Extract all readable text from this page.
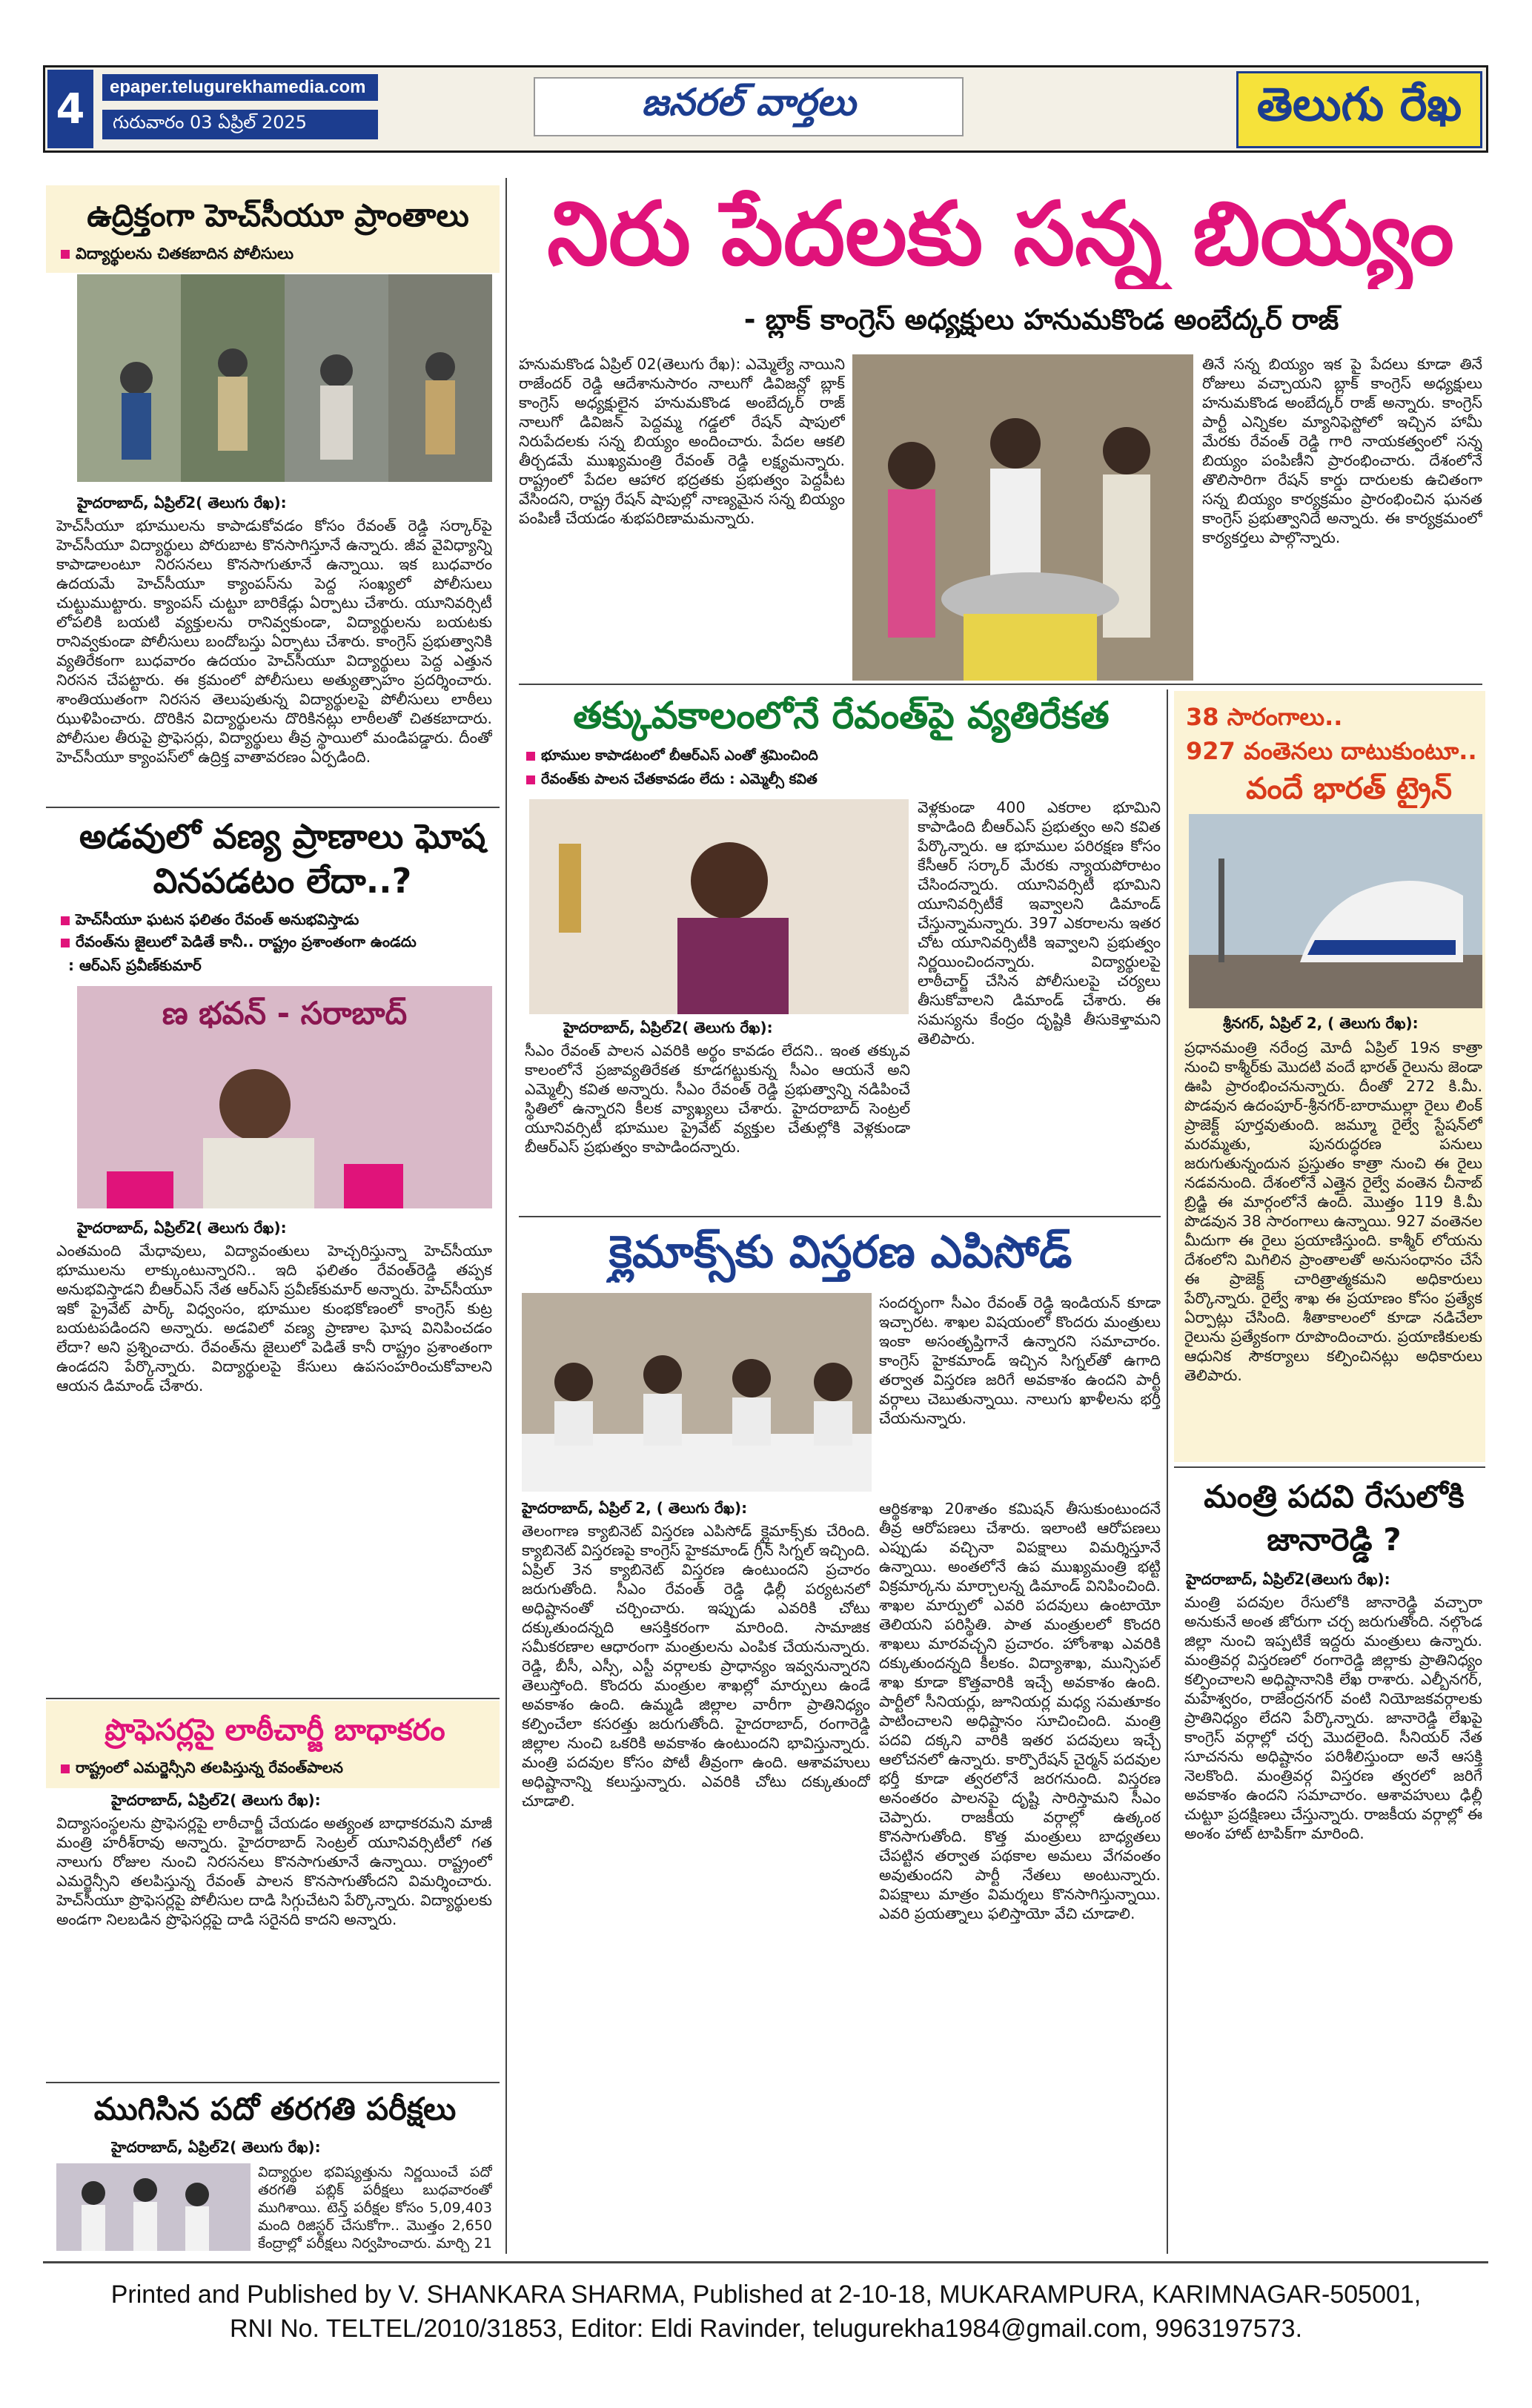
4	epaper.telugurekhamedia.com
గురువారం 03 ఏప్రిల్ 2025	జనరల్ వార్తలు	తెలుగు రేఖ
ఉద్రిక్తంగా హెచ్‌సీయూ ప్రాంతాలు
విద్యార్థులను చితకబాదిన పోలీసులు
హైదరాబాద్, ఏప్రిల్2( తెలుగు రేఖ):
హెచ్‌సీయూ భూములను కాపాడుకోవడం కోసం రేవంత్ రెడ్డి సర్కార్‌పై హెచ్‌సీయూ విద్యార్థులు పోరుబాట కొనసాగిస్తూనే ఉన్నారు. జీవ వైవిధ్యాన్ని కాపాడాలంటూ నిరసనలు కొనసాగుతూనే ఉన్నాయి. ఇక బుధవారం ఉదయమే హెచ్‌సీయూ క్యాంపస్‌ను పెద్ద సంఖ్యలో పోలీసులు చుట్టుముట్టారు. క్యాంపస్ చుట్టూ బారికేడ్లు ఏర్పాటు చేశారు. యూనివర్సిటీ లోపలికి బయటి వ్యక్తులను రానివ్వకుండా, విద్యార్థులను బయటకు రానివ్వకుండా పోలీసులు బందోబస్తు ఏర్పాటు చేశారు. కాంగ్రెస్ ప్రభుత్వానికి వ్యతిరేకంగా బుధవారం ఉదయం హెచ్‌సీయూ విద్యార్థులు పెద్ద ఎత్తున నిరసన చేపట్టారు. ఈ క్రమంలో పోలీసులు అత్యుత్సాహం ప్రదర్శించారు. శాంతియుతంగా నిరసన తెలుపుతున్న విద్యార్థులపై పోలీసులు లాఠీలు ఝుళిపించారు. దొరికిన విద్యార్థులను దొరికినట్లు లాఠీలతో చితకబాదారు. పోలీసుల తీరుపై ప్రొఫెసర్లు, విద్యార్థులు తీవ్ర స్థాయిలో మండిపడ్డారు. దీంతో హెచ్‌సీయూ క్యాంపస్‌లో ఉద్రిక్త వాతావరణం ఏర్పడింది.
అడవులో వణ్య ప్రాణాలు ఘోష వినపడటం లేదా..?
హెచ్‌సీయూ ఘటన ఫలితం రేవంత్ అనుభవిస్తాడు
రేవంత్‌ను జైలులో పెడితే కానీ.. రాష్ట్రం ప్రశాంతంగా ఉండదు
: ఆర్ఎస్ ప్రవీణ్‌కుమార్
ణ భవన్ - సరాబాద్
హైదరాబాద్, ఏప్రిల్2( తెలుగు రేఖ):
ఎంతమంది మేధావులు, విద్యావంతులు హెచ్చరిస్తున్నా హెచ్‌సీయూ భూములను లాక్కుంటున్నారని.. ఇది ఫలితం రేవంత్‌రెడ్డి తప్పక అనుభవిస్తాడని బీఆర్ఎస్ నేత ఆర్ఎస్ ప్రవీణ్‌కుమార్ అన్నారు. హెచ్‌సీయూ ఇకో ప్రైవేట్ పార్క్ విధ్వంసం, భూముల కుంభకోణంలో కాంగ్రెస్ కుట్ర బయటపడిందని అన్నారు. అడవిలో వణ్య ప్రాణాల ఘోష వినిపించడం లేదా? అని ప్రశ్నించారు. రేవంత్‌ను జైలులో పెడితే కానీ రాష్ట్రం ప్రశాంతంగా ఉండదని పేర్కొన్నారు. విద్యార్థులపై కేసులు ఉపసంహరించుకోవాలని ఆయన డిమాండ్ చేశారు.
ప్రొఫెసర్లపై లాఠీచార్జీ బాధాకరం
రాష్ట్రంలో ఎమర్జెన్సీని తలపిస్తున్న రేవంత్‌పాలన
హైదరాబాద్, ఏప్రిల్2( తెలుగు రేఖ):
విద్యాసంస్థలను ప్రొఫెసర్లపై లాఠీచార్జీ చేయడం అత్యంత బాధాకరమని మాజీ మంత్రి హరీశ్‌రావు అన్నారు. హైదరాబాద్ సెంట్రల్ యూనివర్సిటీలో గత నాలుగు రోజుల నుంచి నిరసనలు కొనసాగుతూనే ఉన్నాయి. రాష్ట్రంలో ఎమర్జెన్సీని తలపిస్తున్న రేవంత్ పాలన కొనసాగుతోందని విమర్శించారు. హెచ్‌సీయూ ప్రొఫెసర్లపై పోలీసుల దాడి సిగ్గుచేటని పేర్కొన్నారు. విద్యార్థులకు అండగా నిలబడిన ప్రొఫెసర్లపై దాడి సరైనది కాదని అన్నారు.
ముగిసిన పదో తరగతి పరీక్షలు
హైదరాబాద్, ఏప్రిల్2( తెలుగు రేఖ):
విద్యార్థుల భవిష్యత్తును నిర్ణయించే పదో తరగతి పబ్లిక్ పరీక్షలు బుధవారంతో ముగిశాయి. టెన్త్ పరీక్షల కోసం 5,09,403 మంది రిజిస్టర్ చేసుకోగా.. మొత్తం 2,650 కేంద్రాల్లో పరీక్షలు నిర్వహించారు. మార్చి 21
నిరు పేదలకు సన్న బియ్యం
- బ్లాక్ కాంగ్రెస్ అధ్యక్షులు హనుమకొండ అంబేద్కర్ రాజ్
హనుమకొండ ఏప్రిల్ 02(తెలుగు రేఖ): ఎమ్మెల్యే నాయిని రాజేందర్ రెడ్డి ఆదేశానుసారం నాలుగో డివిజన్లో బ్లాక్ కాంగ్రెస్ అధ్యక్షులైన హనుమకొండ అంబేద్కర్ రాజ్ నాలుగో డివిజన్ పెద్దమ్మ గడ్డలో రేషన్ షాపులో నిరుపేదలకు సన్న బియ్యం అందించారు. పేదల ఆకలి తీర్చడమే ముఖ్యమంత్రి రేవంత్ రెడ్డి లక్ష్యమన్నారు. రాష్ట్రంలో పేదల ఆహార భద్రతకు ప్రభుత్వం పెద్దపీట వేసిందని, రాష్ట్ర రేషన్ షాపుల్లో నాణ్యమైన సన్న బియ్యం పంపిణీ చేయడం శుభపరిణామమన్నారు.
తినే సన్న బియ్యం ఇక పై పేదలు కూడా తినే రోజులు వచ్చాయని బ్లాక్ కాంగ్రెస్ అధ్యక్షులు హనుమకొండ అంబేద్కర్ రాజ్ అన్నారు. కాంగ్రెస్ పార్టీ ఎన్నికల మ్యానిఫెస్టోలో ఇచ్చిన హామీ మేరకు రేవంత్ రెడ్డి గారి నాయకత్వంలో సన్న బియ్యం పంపిణీని ప్రారంభించారు. దేశంలోనే తొలిసారిగా రేషన్ కార్డు దారులకు ఉచితంగా సన్న బియ్యం కార్యక్రమం ప్రారంభించిన ఘనత కాంగ్రెస్ ప్రభుత్వానిదే అన్నారు. ఈ కార్యక్రమంలో కార్యకర్తలు పాల్గొన్నారు.
తక్కువకాలంలోనే రేవంత్‌పై వ్యతిరేకత
భూముల కాపాడటంలో బీఆర్ఎస్ ఎంతో శ్రమించింది
రేవంత్‌కు పాలన చేతకావడం లేదు : ఎమ్మెల్సీ కవిత
హైదరాబాద్, ఏప్రిల్2( తెలుగు రేఖ):
సీఎం రేవంత్ పాలన ఎవరికి అర్థం కావడం లేదని.. ఇంత తక్కువ కాలంలోనే ప్రజావ్యతిరేకత కూడగట్టుకున్న సీఎం ఆయనే అని ఎమ్మెల్సీ కవిత అన్నారు. సీఎం రేవంత్ రెడ్డి ప్రభుత్వాన్ని నడిపించే స్థితిలో ఉన్నారని కీలక వ్యాఖ్యలు చేశారు. హైదరాబాద్ సెంట్రల్ యూనివర్సిటీ భూముల ప్రైవేట్ వ్యక్తుల చేతుల్లోకి వెళ్లకుండా బీఆర్ఎస్ ప్రభుత్వం కాపాడిందన్నారు.
వెళ్లకుండా 400 ఎకరాల భూమిని కాపాడింది బీఆర్ఎస్ ప్రభుత్వం అని కవిత పేర్కొన్నారు. ఆ భూముల పరిరక్షణ కోసం కేసీఆర్ సర్కార్ మేరకు న్యాయపోరాటం చేసిందన్నారు. యూనివర్సిటీ భూమిని యూనివర్సిటీకే ఇవ్వాలని డిమాండ్ చేస్తున్నామన్నారు. 397 ఎకరాలను ఇతర చోట యూనివర్సిటీకి ఇవ్వాలని ప్రభుత్వం నిర్ణయించిందన్నారు. విద్యార్థులపై లాఠీచార్జ్ చేసిన పోలీసులపై చర్యలు తీసుకోవాలని డిమాండ్ చేశారు. ఈ సమస్యను కేంద్రం దృష్టికి తీసుకెళ్తామని తెలిపారు.
క్లైమాక్స్‌కు విస్తరణ ఎపిసోడ్
సందర్భంగా సీఎం రేవంత్ రెడ్డి ఇండియన్ కూడా ఇచ్చారట. శాఖల విషయంలో కొందరు మంత్రులు ఇంకా అసంతృప్తిగానే ఉన్నారని సమాచారం. కాంగ్రెస్ హైకమాండ్ ఇచ్చిన సిగ్నల్‌తో ఉగాది తర్వాత విస్తరణ జరిగే అవకాశం ఉందని పార్టీ వర్గాలు చెబుతున్నాయి. నాలుగు ఖాళీలను భర్తీ చేయనున్నారు.
హైదరాబాద్, ఏప్రిల్ 2, ( తెలుగు రేఖ):
తెలంగాణ క్యాబినెట్ విస్తరణ ఎపిసోడ్ క్లైమాక్స్‌కు చేరింది. క్యాబినెట్ విస్తరణపై కాంగ్రెస్ హైకమాండ్ గ్రీన్ సిగ్నల్ ఇచ్చింది. ఏప్రిల్ 3న క్యాబినెట్ విస్తరణ ఉంటుందని ప్రచారం జరుగుతోంది. సీఎం రేవంత్ రెడ్డి ఢిల్లీ పర్యటనలో అధిష్టానంతో చర్చించారు. ఇప్పుడు ఎవరికి చోటు దక్కుతుందన్నది ఆసక్తికరంగా మారింది. సామాజిక సమీకరణాల ఆధారంగా మంత్రులను ఎంపిక చేయనున్నారు. రెడ్డి, బీసీ, ఎస్సీ, ఎస్టీ వర్గాలకు ప్రాధాన్యం ఇవ్వనున్నారని తెలుస్తోంది. కొందరు మంత్రుల శాఖల్లో మార్పులు ఉండే అవకాశం ఉంది. ఉమ్మడి జిల్లాల వారీగా ప్రాతినిధ్యం కల్పించేలా కసరత్తు జరుగుతోంది. హైదరాబాద్, రంగారెడ్డి జిల్లాల నుంచి ఒకరికి అవకాశం ఉంటుందని భావిస్తున్నారు. మంత్రి పదవుల కోసం పోటీ తీవ్రంగా ఉంది. ఆశావహులు అధిష్టానాన్ని కలుస్తున్నారు. ఎవరికి చోటు దక్కుతుందో చూడాలి.
ఆర్థికశాఖ 20శాతం కమిషన్ తీసుకుంటుందనే తీవ్ర ఆరోపణలు చేశారు. ఇలాంటి ఆరోపణలు ఎప్పుడు వచ్చినా విపక్షాలు విమర్శిస్తూనే ఉన్నాయి. అంతలోనే ఉప ముఖ్యమంత్రి భట్టి విక్రమార్కను మార్చాలన్న డిమాండ్ వినిపించింది. శాఖల మార్పులో ఎవరి పదవులు ఉంటాయో తెలియని పరిస్థితి. పాత మంత్రులలో కొందరి శాఖలు మారవచ్చని ప్రచారం. హోంశాఖ ఎవరికి దక్కుతుందన్నది కీలకం. విద్యాశాఖ, మున్సిపల్ శాఖ కూడా కొత్తవారికి ఇచ్చే అవకాశం ఉంది. పార్టీలో సీనియర్లు, జూనియర్ల మధ్య సమతూకం పాటించాలని అధిష్టానం సూచించింది. మంత్రి పదవి దక్కని వారికి ఇతర పదవులు ఇచ్చే ఆలోచనలో ఉన్నారు. కార్పొరేషన్ చైర్మన్ పదవుల భర్తీ కూడా త్వరలోనే జరగనుంది. విస్తరణ అనంతరం పాలనపై దృష్టి సారిస్తామని సీఎం చెప్పారు. రాజకీయ వర్గాల్లో ఉత్కంఠ కొనసాగుతోంది. కొత్త మంత్రులు బాధ్యతలు చేపట్టిన తర్వాత పథకాల అమలు వేగవంతం అవుతుందని పార్టీ నేతలు అంటున్నారు. విపక్షాలు మాత్రం విమర్శలు కొనసాగిస్తున్నాయి. ఎవరి ప్రయత్నాలు ఫలిస్తాయో వేచి చూడాలి.
38 సారంగాలు..
927 వంతెనలు దాటుకుంటూ..
వందే భారత్ ట్రైన్
శ్రీనగర్, ఏప్రిల్ 2, ( తెలుగు రేఖ):
ప్రధానమంత్రి నరేంద్ర మోదీ ఏప్రిల్ 19న కాత్రా నుంచి కాశ్మీర్‌కు మొదటి వందే భారత్ రైలును జెండా ఊపి ప్రారంభించనున్నారు. దీంతో 272 కి.మీ. పొడవున ఉదంపూర్-శ్రీనగర్-బారాముల్లా రైలు లింక్ ప్రాజెక్ట్ పూర్తవుతుంది. జమ్మూ రైల్వే స్టేషన్‌లో మరమ్మతు, పునరుద్ధరణ పనులు జరుగుతున్నందున ప్రస్తుతం కాత్రా నుంచి ఈ రైలు నడవనుంది. దేశంలోనే ఎత్తైన రైల్వే వంతెన చీనాబ్ బ్రిడ్జి ఈ మార్గంలోనే ఉంది. మొత్తం 119 కి.మీ పొడవున 38 సారంగాలు ఉన్నాయి. 927 వంతెనల మీదుగా ఈ రైలు ప్రయాణిస్తుంది. కాశ్మీర్ లోయను దేశంలోని మిగిలిన ప్రాంతాలతో అనుసంధానం చేసే ఈ ప్రాజెక్ట్ చారిత్రాత్మకమని అధికారులు పేర్కొన్నారు. రైల్వే శాఖ ఈ ప్రయాణం కోసం ప్రత్యేక ఏర్పాట్లు చేసింది. శీతాకాలంలో కూడా నడిచేలా రైలును ప్రత్యేకంగా రూపొందించారు. ప్రయాణికులకు ఆధునిక సౌకర్యాలు కల్పించినట్లు అధికారులు తెలిపారు.
మంత్రి పదవి రేసులోకి జానారెడ్డి ?
హైదరాబాద్, ఏప్రిల్2(తెలుగు రేఖ):
మంత్రి పదవుల రేసులోకి జానారెడ్డి వచ్చారా అనుకునే అంత జోరుగా చర్చ జరుగుతోంది. నల్గొండ జిల్లా నుంచి ఇప్పటికే ఇద్దరు మంత్రులు ఉన్నారు. మంత్రివర్గ విస్తరణలో రంగారెడ్డి జిల్లాకు ప్రాతినిధ్యం కల్పించాలని అధిష్టానానికి లేఖ రాశారు. ఎల్బీనగర్, మహేశ్వరం, రాజేంద్రనగర్ వంటి నియోజకవర్గాలకు ప్రాతినిధ్యం లేదని పేర్కొన్నారు. జానారెడ్డి లేఖపై కాంగ్రెస్ వర్గాల్లో చర్చ మొదలైంది. సీనియర్ నేత సూచనను అధిష్టానం పరిశీలిస్తుందా అనే ఆసక్తి నెలకొంది. మంత్రివర్గ విస్తరణ త్వరలో జరిగే అవకాశం ఉందని సమాచారం. ఆశావహులు ఢిల్లీ చుట్టూ ప్రదక్షిణలు చేస్తున్నారు. రాజకీయ వర్గాల్లో ఈ అంశం హాట్ టాపిక్‌గా మారింది.
Printed and Published by V. SHANKARA SHARMA, Published at 2-10-18, MUKARAMPURA, KARIMNAGAR-505001,
RNI No. TELTEL/2010/31853, Editor: Eldi Ravinder, telugurekha1984@gmail.com, 9963197573.
